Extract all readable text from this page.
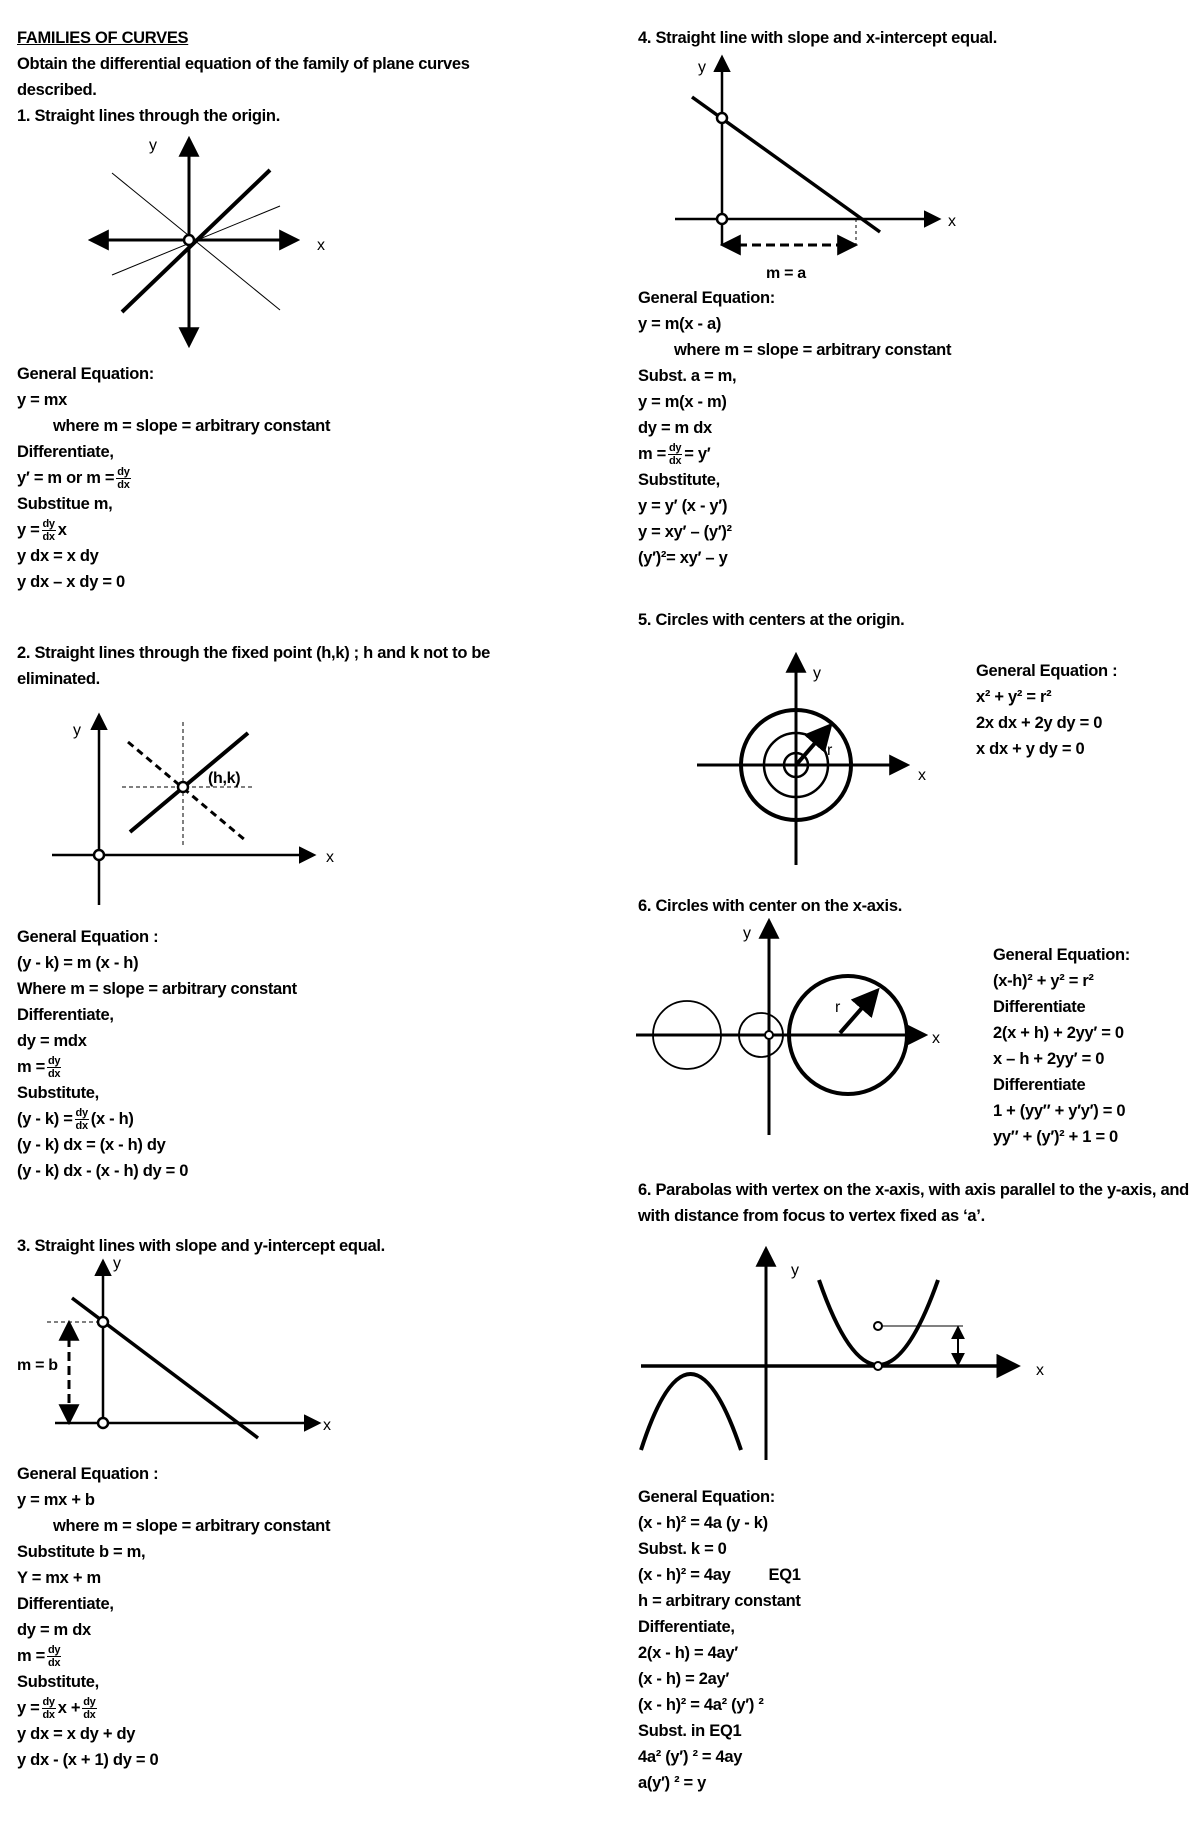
FAMILIES OF CURVES
Obtain the differential equation of the family of plane curves described.
1. Straight lines through the origin.
y
x
(h,k)
y
x
m = b
y
x
m = a
y
x
r
y
x
r
y
x
y
x
General Equation:
y = mx
where m = slope = arbitrary constant
Differentiate,
y′ = m or $m = \frac{dy}{dx}$
Substitue m,
$y = \frac{dy}{dx}$ x
y dx = x dy
y dx – x dy = 0
2. Straight lines through the fixed point (h,k) ; h and k not to be eliminated.
General Equation :
(y - k) = m (x - h)
Where m = slope = arbitrary constant
Differentiate,
dy = mdx
$m = \frac{dy}{dx}$
Substitute,
$(y - k) = \frac{dy}{dx} (x - h)$
(y - k) dx = (x - h) dy
(y - k) dx - (x - h) dy = 0
3. Straight lines with slope and y-intercept equal.
General Equation :
y = mx + b
where m = slope = arbitrary constant
Substitute b = m,
Y = mx + m
Differentiate,
dy = m dx
$m = \frac{dy}{dx}$
Substitute,
$y = \frac{dy}{dx}$ $x + \frac{dy}{dx}$
y dx = x dy + dy
y dx - (x + 1) dy = 0
4. Straight line with slope and x-intercept equal.
General Equation:
y = m(x - a)
where m = slope = arbitrary constant
Subst. a = m,
y = m(x - m)
dy = m dx
$m = \frac{dy}{dx} = y'$
Substitute,
y = y′ (x - y′)
y = xy′ – (y′)²
(y′)²= xy′ – y
5. Circles with centers at the origin.
General Equation :
x² + y² = r²
2x dx + 2y dy = 0
x dx + y dy = 0
6. Circles with center on the x-axis.
General Equation:
(x-h)² + y² = r²
Differentiate
2(x + h) + 2yy′ = 0
x – h + 2yy′ = 0
Differentiate
1 + (yy″ + y′y′) = 0
yy″ + (y′)² + 1 = 0
6. Parabolas with vertex on the x-axis, with axis parallel to the y-axis, and with distance from focus to vertex fixed as ‘a’.
General Equation:
(x - h)² = 4a (y - k)
Subst. k = 0
(x - h)² = 4ay EQ1
h = arbitrary constant
Differentiate,
2(x - h) = 4ay′
(x - h) = 2ay′
(x - h)² = 4a² (y′) ²
Subst. in EQ1
4a² (y′) ² = 4ay
a(y′) ² = y
